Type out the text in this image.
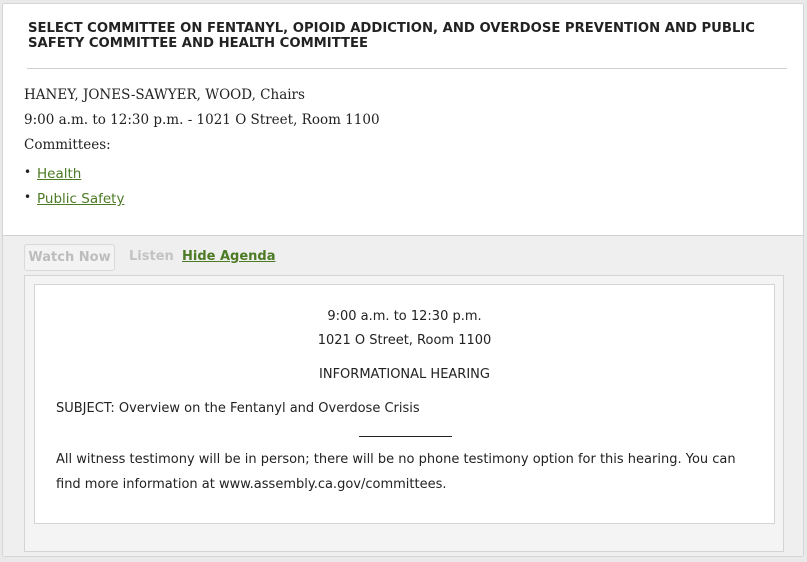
SELECT COMMITTEE ON FENTANYL, OPIOID ADDICTION, AND OVERDOSE PREVENTION AND PUBLIC SAFETY COMMITTEE AND HEALTH COMMITTEE
HANEY, JONES-SAWYER, WOOD, Chairs
9:00 a.m. to 12:30 p.m. - 1021 O Street, Room 1100
Committees:
• Health
• Public Safety
Watch Now	Listen Hide Agenda
9:00 a.m. to 12:30 p.m.
1021 O Street, Room 1100
INFORMATIONAL HEARING
SUBJECT: Overview on the Fentanyl and Overdose Crisis
All witness testimony will be in person; there will be no phone testimony option for this hearing. You can find more information at www.assembly.ca.gov/committees.
